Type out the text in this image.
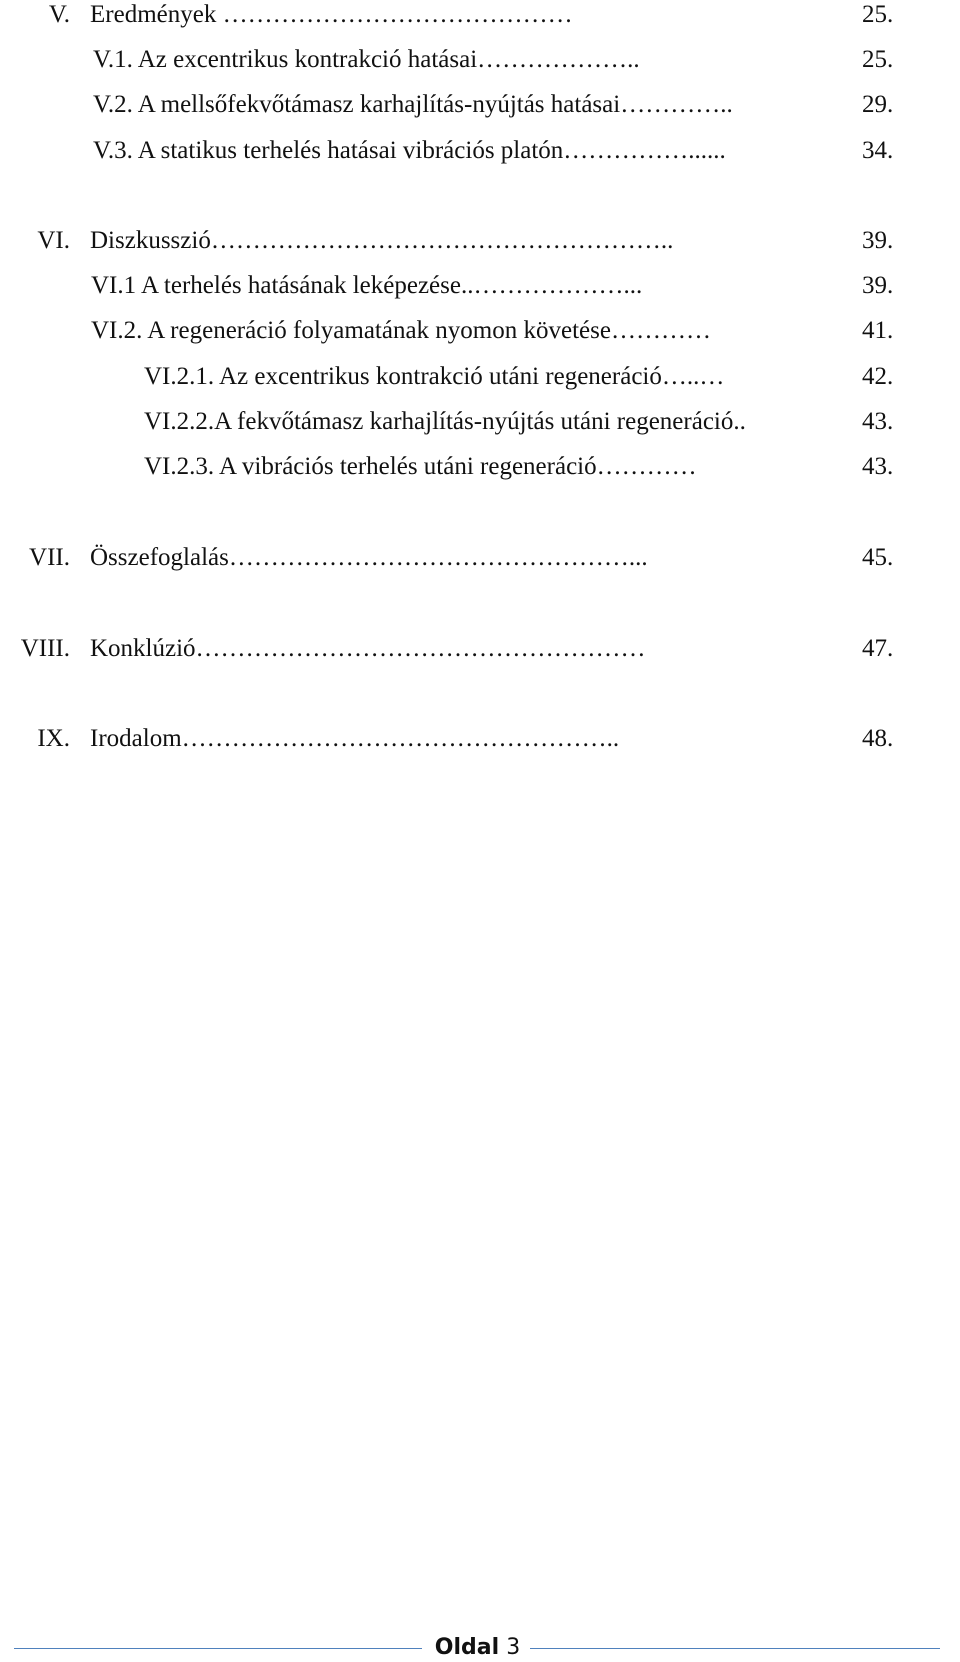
V. Eredmények ……………………………………	25.
V.1. Az excentrikus kontrakció hatásai………………..	25.
V.2. A mellsőfekvőtámasz karhajlítás-nyújtás hatásai…………..	29.
V.3. A statikus terhelés hatásai vibrációs platón……………......	34.
VI. Diszkusszió………………………………………………..	39.
VI.1 A terhelés hatásának leképezése..………………...	39.
VI.2. A regeneráció folyamatának nyomon követése…………	41.
VI.2.1. Az excentrikus kontrakció utáni regeneráció…..…	42.
VI.2.2.A fekvőtámasz karhajlítás-nyújtás utáni regeneráció..	43.
VI.2.3. A vibrációs terhelés utáni regeneráció…………	43.
VII. Összefoglalás…………………………………………...	45.
VIII. Konklúzió………………………………………………	47.
IX. Irodalom……………………………………………..	48.
Oldal 3
